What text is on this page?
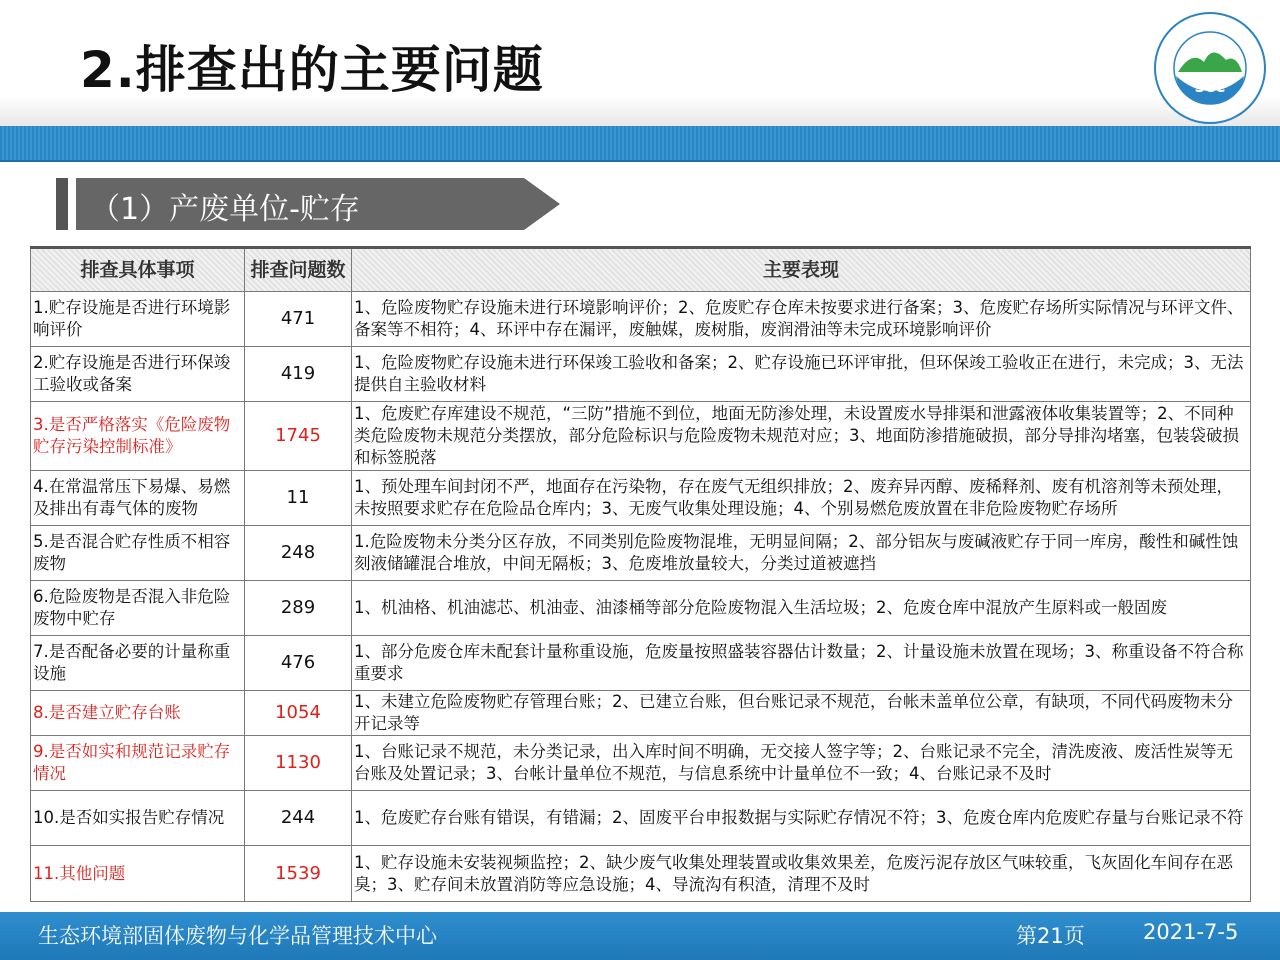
2.排查出的主要问题	SCC
（1）产废单位-贮存
排查具体事项	排查问题数	主要表现
1.贮存设施是否进行环境影响评价	471	1、危险废物贮存设施未进行环境影响评价；2、危废贮存仓库未按要求进行备案；3、危废贮存场所实际情况与环评文件、备案等不相符；4、环评中存在漏评，废触媒，废树脂，废润滑油等未完成环境影响评价
2.贮存设施是否进行环保竣工验收或备案	419	1、危险废物贮存设施未进行环保竣工验收和备案；2、贮存设施已环评审批，但环保竣工验收正在进行，未完成；3、无法提供自主验收材料
3.是否严格落实《危险废物贮存污染控制标准》	1745	1、危废贮存库建设不规范，“三防”措施不到位，地面无防渗处理，未设置废水导排渠和泄露液体收集装置等；2、不同种类危险废物未规范分类摆放，部分危险标识与危险废物未规范对应；3、地面防渗措施破损，部分导排沟堵塞，包装袋破损和标签脱落
4.在常温常压下易爆、易燃及排出有毒气体的废物	11	1、预处理车间封闭不严，地面存在污染物，存在废气无组织排放；2、废弃异丙醇、废稀释剂、废有机溶剂等未预处理，未按照要求贮存在危险品仓库内；3、无废气收集处理设施；4、个别易燃危废放置在非危险废物贮存场所
5.是否混合贮存性质不相容废物	248	1.危险废物未分类分区存放，不同类别危险废物混堆，无明显间隔；2、部分铝灰与废碱液贮存于同一库房，酸性和碱性蚀刻液储罐混合堆放，中间无隔板；3、危废堆放量较大，分类过道被遮挡
6.危险废物是否混入非危险废物中贮存	289	1、机油格、机油滤芯、机油壶、油漆桶等部分危险废物混入生活垃圾；2、危废仓库中混放产生原料或一般固废
7.是否配备必要的计量称重设施	476	1、部分危废仓库未配套计量称重设施，危废量按照盛装容器估计数量；2、计量设施未放置在现场；3、称重设备不符合称重要求
8.是否建立贮存台账	1054	1、未建立危险废物贮存管理台账；2、已建立台账，但台账记录不规范，台帐未盖单位公章，有缺项，不同代码废物未分开记录等
9.是否如实和规范记录贮存情况	1130	1、台账记录不规范，未分类记录，出入库时间不明确，无交接人签字等；2、台账记录不完全，清洗废液、废活性炭等无台账及处置记录；3、台帐计量单位不规范，与信息系统中计量单位不一致；4、台账记录不及时
10.是否如实报告贮存情况	244	1、危废贮存台账有错误，有错漏；2、固废平台申报数据与实际贮存情况不符；3、危废仓库内危废贮存量与台账记录不符
11.其他问题	1539	1、贮存设施未安装视频监控；2、缺少废气收集处理装置或收集效果差，危废污泥存放区气味较重，飞灰固化车间存在恶臭；3、贮存间未放置消防等应急设施；4、导流沟有积渣，清理不及时
生态环境部固体废物与化学品管理技术中心	第21页	2021-7-5
